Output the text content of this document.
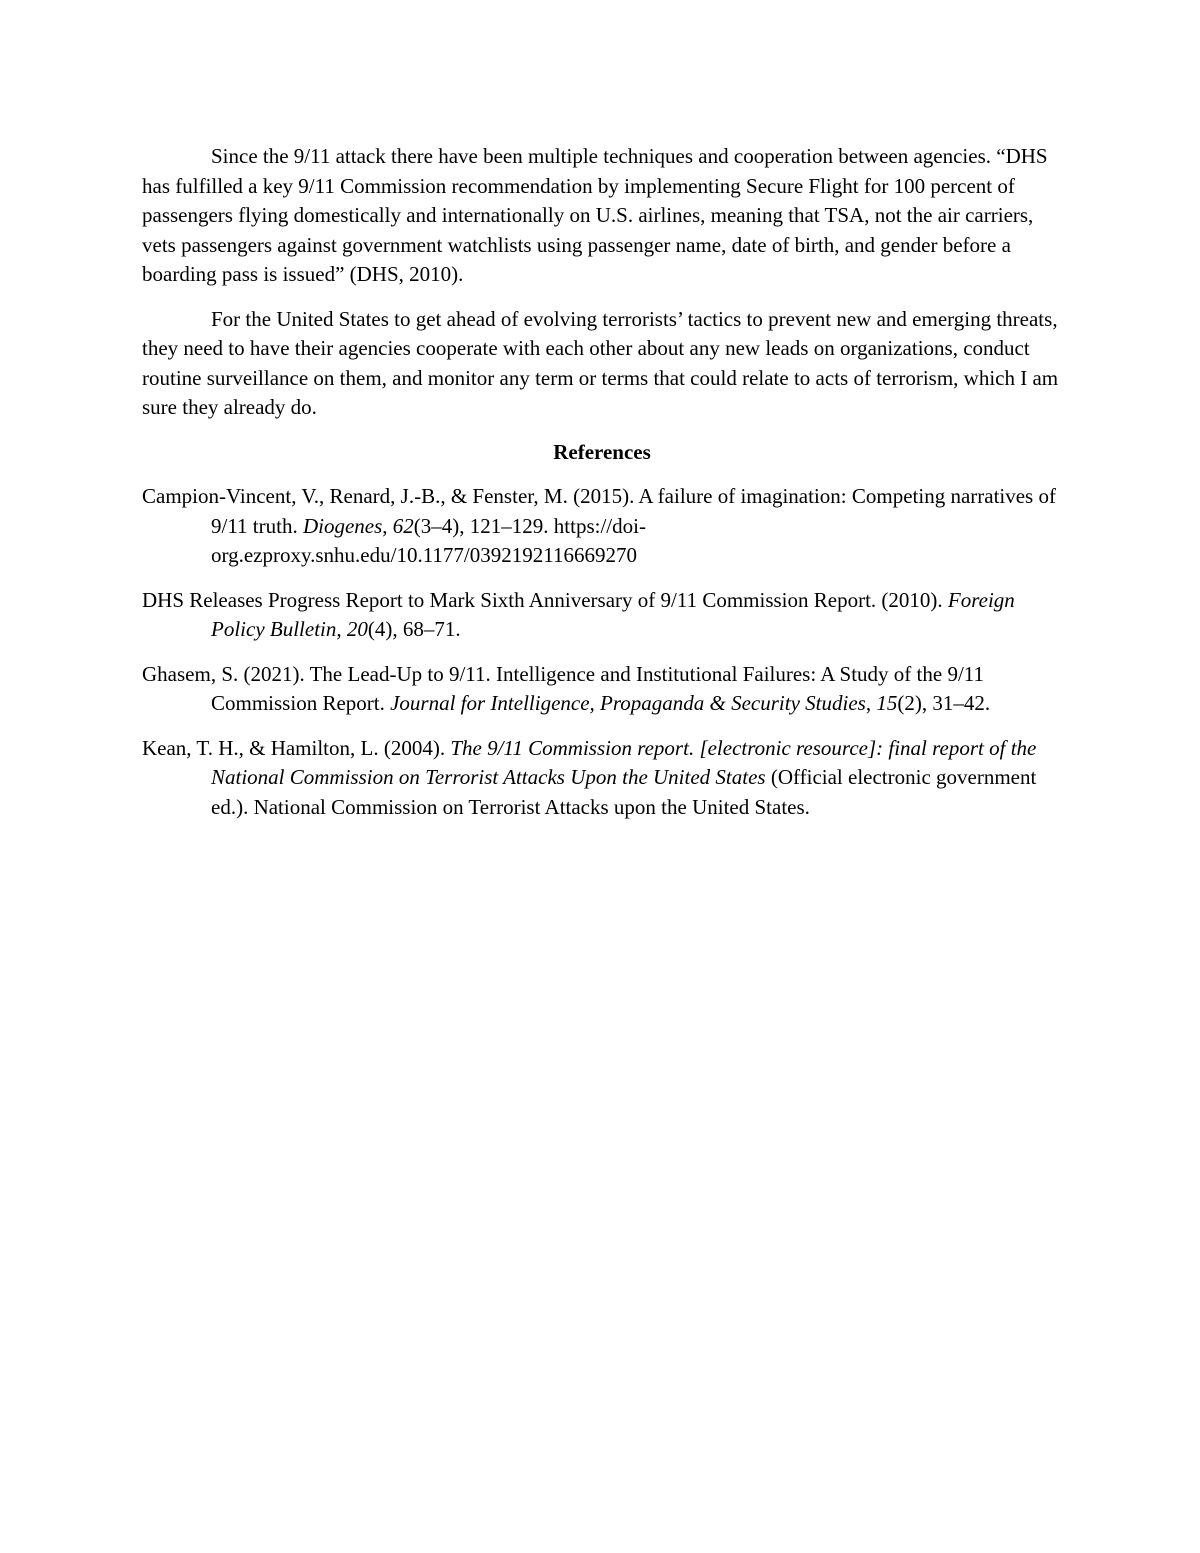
Since the 9/11 attack there have been multiple techniques and cooperation between agencies. “DHS has fulfilled a key 9/11 Commission recommendation by implementing Secure Flight for 100 percent of passengers flying domestically and internationally on U.S. airlines, meaning that TSA, not the air carriers, vets passengers against government watchlists using passenger name, date of birth, and gender before a boarding pass is issued” (DHS, 2010).

For the United States to get ahead of evolving terrorists’ tactics to prevent new and emerging threats, they need to have their agencies cooperate with each other about any new leads on organizations, conduct routine surveillance on them, and monitor any term or terms that could relate to acts of terrorism, which I am sure they already do.

References

Campion-Vincent, V., Renard, J.-B., & Fenster, M. (2015). A failure of imagination: Competing narratives of 9/11 truth. Diogenes, 62(3–4), 121–129. https://doi-org.ezproxy.snhu.edu/10.1177/0392192116669270

DHS Releases Progress Report to Mark Sixth Anniversary of 9/11 Commission Report. (2010). Foreign Policy Bulletin, 20(4), 68–71.

Ghasem, S. (2021). The Lead-Up to 9/11. Intelligence and Institutional Failures: A Study of the 9/11 Commission Report. Journal for Intelligence, Propaganda & Security Studies, 15(2), 31–42.

Kean, T. H., & Hamilton, L. (2004). The 9/11 Commission report. [electronic resource]: final report of the National Commission on Terrorist Attacks Upon the United States (Official electronic government ed.). National Commission on Terrorist Attacks upon the United States.
